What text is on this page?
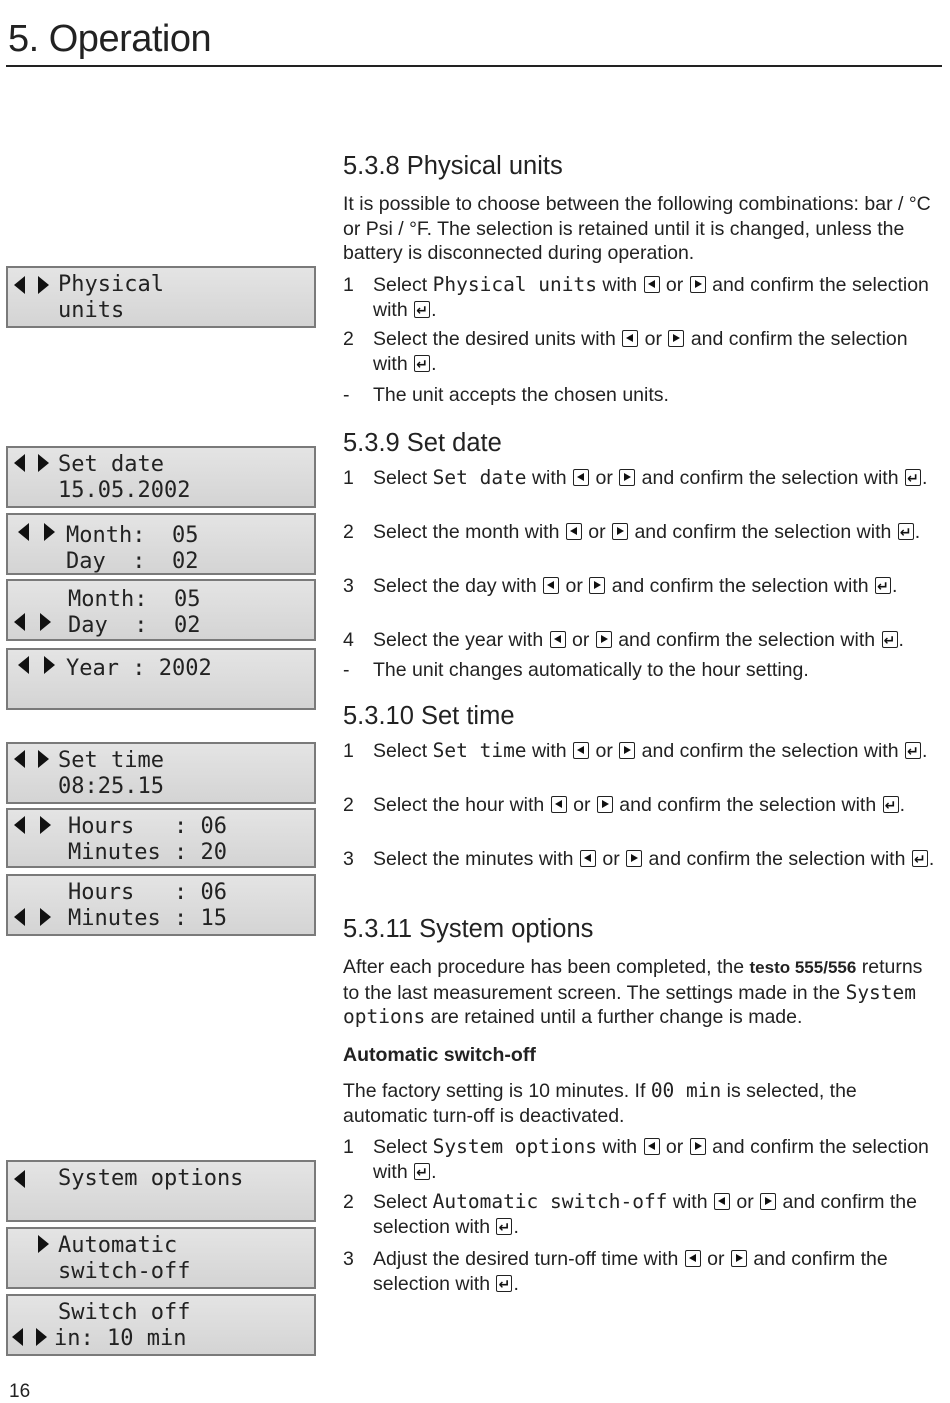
5. Operation
Physical
units
Set date
15.05.2002
Month:  05
Day  :  02
Month:  05
Day  :  02
Year : 2002
Set time
08:25.15
Hours   : 06
Minutes : 20
Hours   : 06
Minutes : 15
System options
Automatic
switch-off
Switch off
in: 10 min
5.3.8 Physical units
It is possible to choose between the following combinations: bar / °C or Psi / °F. The selection is retained until it is changed, unless the battery is disconnected during operation.
1 Select Physical units with  or  and confirm the selection with ↵.
2 Select the desired units with  or  and confirm the selection with ↵.
- The unit accepts the chosen units.
5.3.9 Set date
1 Select Set date with  or  and confirm the selection with ↵.
2 Select the month with  or  and confirm the selection with ↵.
3 Select the day with  or  and confirm the selection with ↵.
4 Select the year with  or  and confirm the selection with ↵.
- The unit changes automatically to the hour setting.
5.3.10 Set time
1 Select Set time with  or  and confirm the selection with ↵.
2 Select the hour with  or  and confirm the selection with ↵.
3 Select the minutes with  or  and confirm the selection with ↵.
5.3.11 System options
After each procedure has been completed, the testo 555/556 returns to the last measurement screen. The settings made in the System options are retained until a further change is made.
Automatic switch-off
The factory setting is 10 minutes. If 00 min is selected, the automatic turn-off is deactivated.
1 Select System options with  or  and confirm the selection with ↵.
2 Select Automatic switch-off with  or  and confirm the selection with ↵.
3 Adjust the desired turn-off time with  or  and confirm the selection with ↵.
16
